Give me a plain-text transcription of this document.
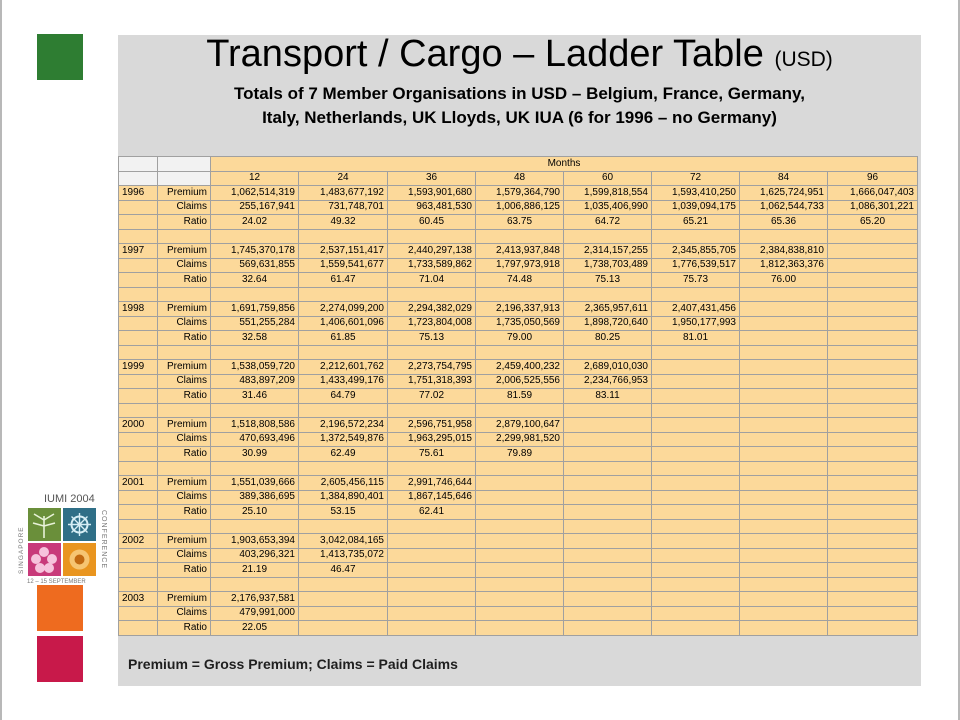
IUMI 2004
CONFERENCE
SINGAPORE
12 – 15 SEPTEMBER
Transport / Cargo – Ladder Table (USD)
Totals of 7 Member Organisations in USD – Belgium, France, Germany,
Italy, Netherlands, UK Lloyds, UK IUA (6 for 1996 – no Germany)
		Months							
		12	24	36	48	60	72	84	96
1996	Premium	1,062,514,319	1,483,677,192	1,593,901,680	1,579,364,790	1,599,818,554	1,593,410,250	1,625,724,951	1,666,047,403
	Claims	255,167,941	731,748,701	963,481,530	1,006,886,125	1,035,406,990	1,039,094,175	1,062,544,733	1,086,301,221
	Ratio	24.02	49.32	60.45	63.75	64.72	65.21	65.36	65.20

1997	Premium	1,745,370,178	2,537,151,417	2,440,297,138	2,413,937,848	2,314,157,255	2,345,855,705	2,384,838,810	
	Claims	569,631,855	1,559,541,677	1,733,589,862	1,797,973,918	1,738,703,489	1,776,539,517	1,812,363,376	
	Ratio	32.64	61.47	71.04	74.48	75.13	75.73	76.00	

1998	Premium	1,691,759,856	2,274,099,200	2,294,382,029	2,196,337,913	2,365,957,611	2,407,431,456		
	Claims	551,255,284	1,406,601,096	1,723,804,008	1,735,050,569	1,898,720,640	1,950,177,993		
	Ratio	32.58	61.85	75.13	79.00	80.25	81.01		

1999	Premium	1,538,059,720	2,212,601,762	2,273,754,795	2,459,400,232	2,689,010,030			
	Claims	483,897,209	1,433,499,176	1,751,318,393	2,006,525,556	2,234,766,953			
	Ratio	31.46	64.79	77.02	81.59	83.11			

2000	Premium	1,518,808,586	2,196,572,234	2,596,751,958	2,879,100,647				
	Claims	470,693,496	1,372,549,876	1,963,295,015	2,299,981,520				
	Ratio	30.99	62.49	75.61	79.89				

2001	Premium	1,551,039,666	2,605,456,115	2,991,746,644					
	Claims	389,386,695	1,384,890,401	1,867,145,646					
	Ratio	25.10	53.15	62.41					

2002	Premium	1,903,653,394	3,042,084,165						
	Claims	403,296,321	1,413,735,072						
	Ratio	21.19	46.47						

2003	Premium	2,176,937,581							
	Claims	479,991,000							
	Ratio	22.05							
Premium = Gross Premium; Claims = Paid Claims
